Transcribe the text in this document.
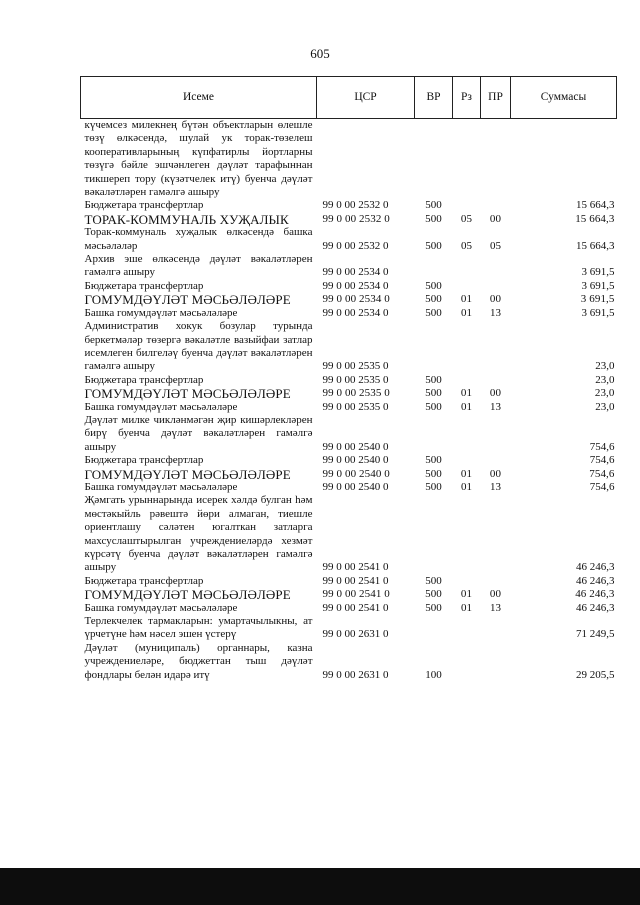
605
Исеме	ЦСР	ВР	Рз	ПР	Суммасы
күчемсез милекнең бүтән объектларын өлешле төзү өлкәсендә, шулай ук торак-төзелеш кооперативларының күпфатирлы йортларны төзүгә бәйле эшчәнлеген дәүләт тарафыннан тикшереп тору (күзәтчелек итү) буенча дәүләт вәкаләтләрен гамәлгә ашыру					
Бюджетара трансфертлар	99 0 00 2532 0	500			15 664,3
ТОРАК-КОММУНАЛЬ ХУҖАЛЫК	99 0 00 2532 0	500	05	00	15 664,3
Торак-коммуналь хуҗалык өлкәсендә башка мәсьәләләр	99 0 00 2532 0	500	05	05	15 664,3
Архив эше өлкәсендә дәүләт вәкаләтләрен гамәлгә ашыру	99 0 00 2534 0				3 691,5
Бюджетара трансфертлар	99 0 00 2534 0	500			3 691,5
ГОМУМДӘҮЛӘТ МӘСЬӘЛӘЛӘРЕ	99 0 00 2534 0	500	01	00	3 691,5
Башка гомумдәүләт мәсьәләләре	99 0 00 2534 0	500	01	13	3 691,5
Административ хокук бозулар турында беркетмәләр төзергә вәкаләтле вазыйфаи затлар исемлеген билгеләү буенча дәүләт вәкаләтләрен гамәлгә ашыру	99 0 00 2535 0				23,0
Бюджетара трансфертлар	99 0 00 2535 0	500			23,0
ГОМУМДӘҮЛӘТ МӘСЬӘЛӘЛӘРЕ	99 0 00 2535 0	500	01	00	23,0
Башка гомумдәүләт мәсьәләләре	99 0 00 2535 0	500	01	13	23,0
Дәүләт милке чикләнмәгән җир кишәрлекләрен бирү буенча дәүләт вәкаләтләрен гамәлгә ашыру	99 0 00 2540 0				754,6
Бюджетара трансфертлар	99 0 00 2540 0	500			754,6
ГОМУМДӘҮЛӘТ МӘСЬӘЛӘЛӘРЕ	99 0 00 2540 0	500	01	00	754,6
Башка гомумдәүләт мәсьәләләре	99 0 00 2540 0	500	01	13	754,6
Җәмгать урыннарында исерек хәлдә булган һәм мөстәкыйль рәвештә йөри алмаган, тиешле ориентлашу сәләтен югалткан затларга махсуслаштырылган учреждениеләрдә хезмәт күрсәтү буенча дәүләт вәкаләтләрен гамәлгә ашыру	99 0 00 2541 0				46 246,3
Бюджетара трансфертлар	99 0 00 2541 0	500			46 246,3
ГОМУМДӘҮЛӘТ МӘСЬӘЛӘЛӘРЕ	99 0 00 2541 0	500	01	00	46 246,3
Башка гомумдәүләт мәсьәләләре	99 0 00 2541 0	500	01	13	46 246,3
Терлекчелек тармакларын: умартачылыкны, ат үрчетүне һәм нәсел эшен үстерү	99 0 00 2631 0				71 249,5
Дәүләт (муниципаль) органнары, казна учреждениеләре, бюджеттан тыш дәүләт фондлары белән идарә итү	99 0 00 2631 0	100			29 205,5
